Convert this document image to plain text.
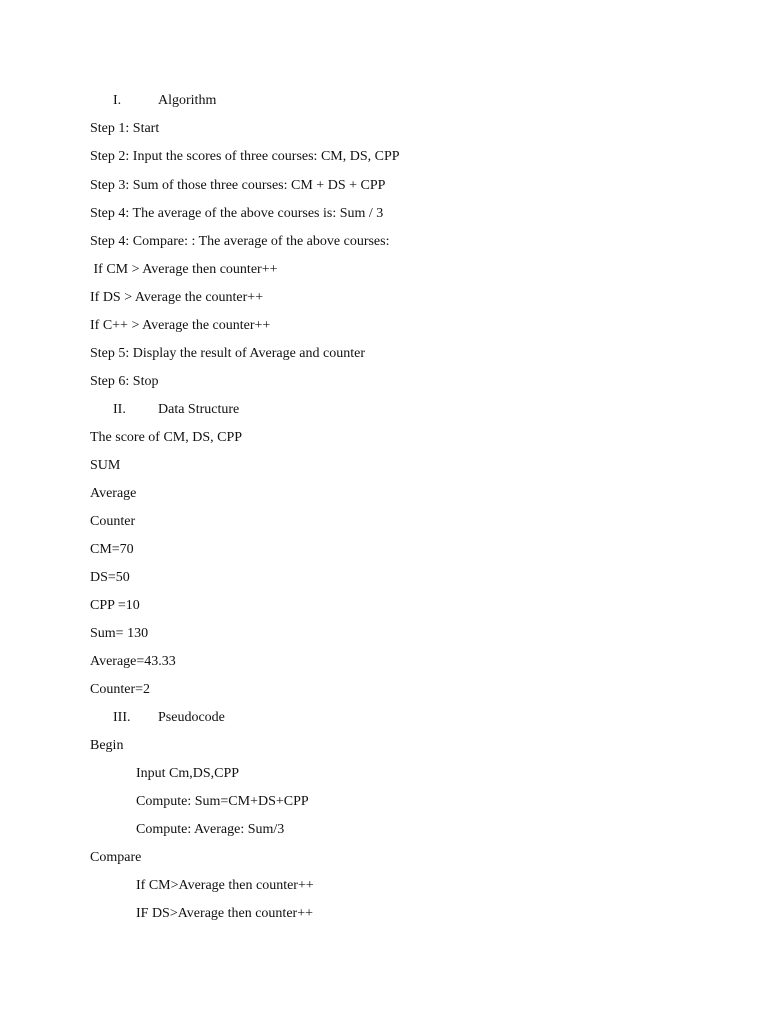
I.	Algorithm
Step 1: Start
Step 2: Input the scores of three courses: CM, DS, CPP
Step 3: Sum of those three courses: CM + DS + CPP
Step 4: The average of the above courses is: Sum / 3
Step 4: Compare: : The average of the above courses:
If CM > Average then counter++
If DS > Average the counter++
If C++ > Average the counter++
Step 5: Display the result of Average and counter
Step 6: Stop
II. Data Structure
The score of CM, DS, CPP
SUM
Average
Counter
CM=70
DS=50
CPP =10
Sum= 130
Average=43.33
Counter=2
III. Pseudocode
Begin
Input Cm,DS,CPP
Compute: Sum=CM+DS+CPP
Compute: Average: Sum/3
Compare
If CM>Average then counter++
IF DS>Average then counter++
